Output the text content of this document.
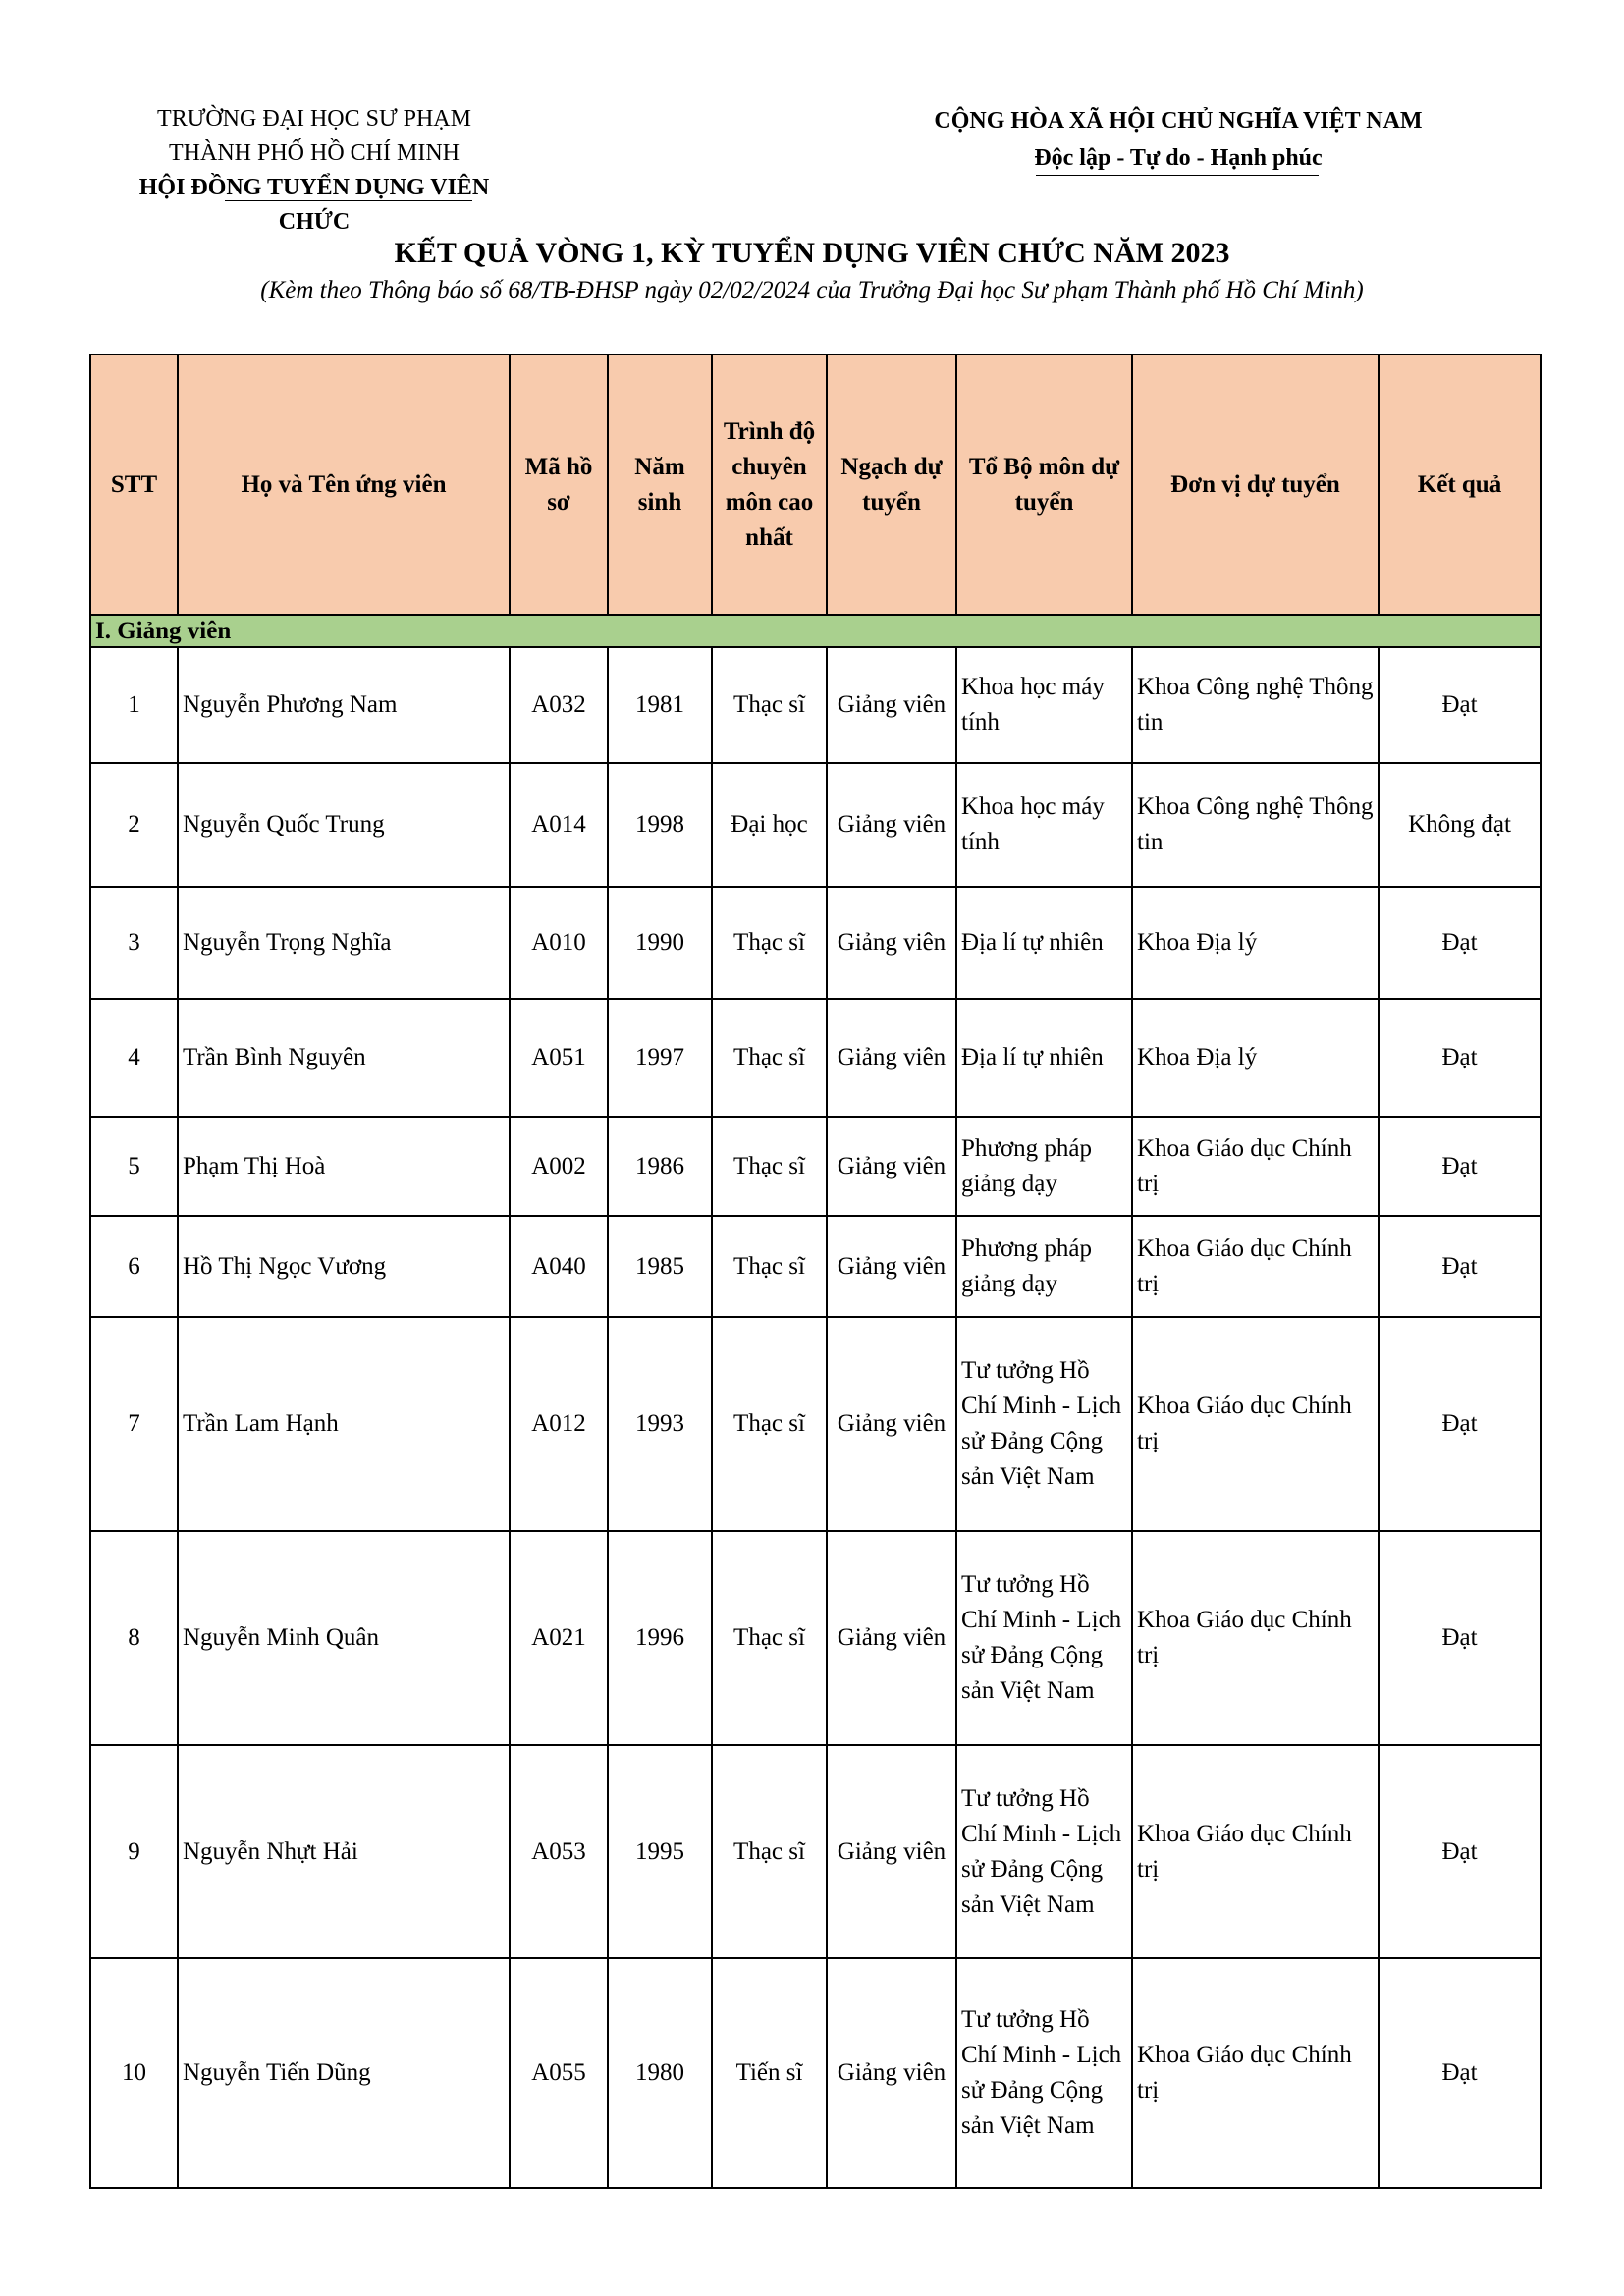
TRƯỜNG ĐẠI HỌC SƯ PHẠM
THÀNH PHỐ HỒ CHÍ MINH
HỘI ĐỒNG TUYỂN DỤNG VIÊN CHỨC
CỘNG HÒA XÃ HỘI CHỦ NGHĨA VIỆT NAM
Độc lập - Tự do - Hạnh phúc
KẾT QUẢ VÒNG 1, KỲ TUYỂN DỤNG VIÊN CHỨC NĂM 2023
(Kèm theo Thông báo số 68/TB-ĐHSP ngày 02/02/2024 của Trưởng Đại học Sư phạm Thành phố Hồ Chí Minh)
STT	Họ và Tên ứng viên	Mã hồ sơ	Năm sinh	Trình độ chuyên môn cao nhất	Ngạch dự tuyển	Tổ Bộ môn dự tuyển	Đơn vị dự tuyển	Kết quả
I. Giảng viên								
1	Nguyễn Phương Nam	A032	1981	Thạc sĩ	Giảng viên	Khoa học máy tính	Khoa Công nghệ Thông tin	Đạt
2	Nguyễn Quốc Trung	A014	1998	Đại học	Giảng viên	Khoa học máy tính	Khoa Công nghệ Thông tin	Không đạt
3	Nguyễn Trọng Nghĩa	A010	1990	Thạc sĩ	Giảng viên	Địa lí tự nhiên	Khoa Địa lý	Đạt
4	Trần Bình Nguyên	A051	1997	Thạc sĩ	Giảng viên	Địa lí tự nhiên	Khoa Địa lý	Đạt
5	Phạm Thị Hoà	A002	1986	Thạc sĩ	Giảng viên	Phương pháp giảng dạy	Khoa Giáo dục Chính trị	Đạt
6	Hồ Thị Ngọc Vương	A040	1985	Thạc sĩ	Giảng viên	Phương pháp giảng dạy	Khoa Giáo dục Chính trị	Đạt
7	Trần Lam Hạnh	A012	1993	Thạc sĩ	Giảng viên	Tư tưởng Hồ Chí Minh - Lịch sử Đảng Cộng sản Việt Nam	Khoa Giáo dục Chính trị	Đạt
8	Nguyễn Minh Quân	A021	1996	Thạc sĩ	Giảng viên	Tư tưởng Hồ Chí Minh - Lịch sử Đảng Cộng sản Việt Nam	Khoa Giáo dục Chính trị	Đạt
9	Nguyễn Nhựt Hải	A053	1995	Thạc sĩ	Giảng viên	Tư tưởng Hồ Chí Minh - Lịch sử Đảng Cộng sản Việt Nam	Khoa Giáo dục Chính trị	Đạt
10	Nguyễn Tiến Dũng	A055	1980	Tiến sĩ	Giảng viên	Tư tưởng Hồ Chí Minh - Lịch sử Đảng Cộng sản Việt Nam	Khoa Giáo dục Chính trị	Đạt
